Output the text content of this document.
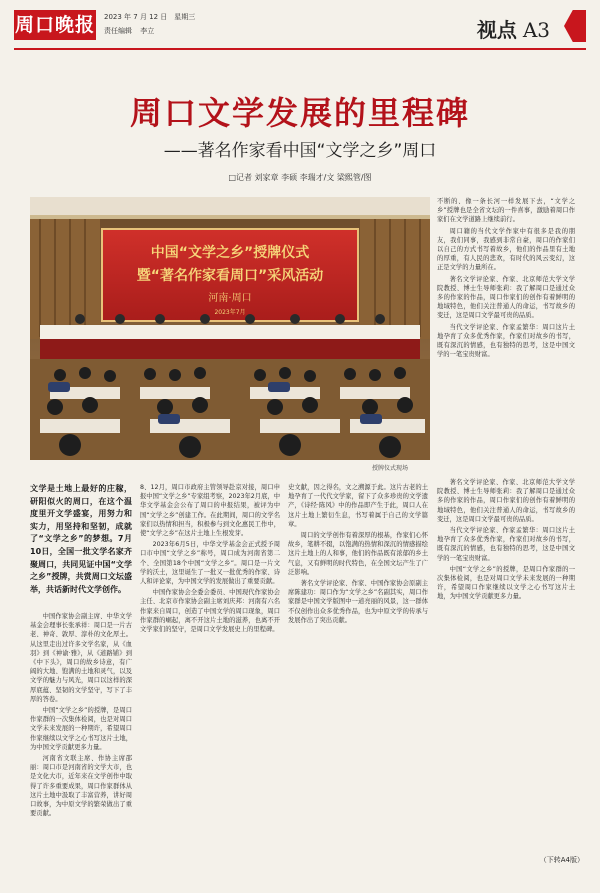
周口晚报 2023 年 7 月 12 日　星期三
责任编辑 李立	视点 A3
周口文学发展的里程碑
——著名作家看中国“文学之乡”周口
□记者 刘家章 李硕 李瑞才/文 梁熙管/图
中国“文学之乡”授牌仪式
暨“著名作家看周口”采风活动
河南·周口
2023年7月
授牌仪式现场

不断的、像一条长河一样发展下去，“文学之乡”授牌也是全省文坛的一件喜事，激励着周口作家们在文学道路上继续前行。

周口籍的当代文学作家中有很多是我的朋友，我们同事，我感到非常自豪，周口的作家们以自己的方式书写着故乡，他们的作品里有土地的厚重，有人民的悲欢，有时代的风云变幻，这正是文学的力量所在。

著名文学评论家、作家、北京师范大学文学院教授、博士生导师张莉：我了解周口是通过众多的作家的作品，周口作家们的创作有着鲜明的地域特色，他们关注普通人的命运，书写故乡的变迁，这是周口文学最可贵的品质。

当代文学评论家、作家孟繁华：周口这片土地孕育了众多优秀作家，作家们对故乡的书写，既有深沉的情感，也有独特的思考，这是中国文学的一笔宝贵财富。

文学是土地上最好的庄稼，研阳似火的周口，在这个温度里开文学盛宴，用努力和实力，用坚持和坚韧，成就了“文学之乡”的梦想。7月10日，全国一批文学名家齐聚周口，共同见证中国“文学之乡”授牌，共赏周口文坛盛举，共话新时代文学创作。

中国作家协会副主席、中华文学基金会理事长张承祥：周口是一片古老、神奇、敦厚、淳朴的文化厚土。从这里走出过许多文学名家，从《血羽》到《神谕·雅》，从《道路铺》到《中下头》，周口的故乡诗意，有广阔的大地、饱满的土地和灵气，以及文学的魅力与风光，周口以这样的深厚底蕴、坚韧的文学坚守，写下了丰厚的答卷。

中国“文学之乡”的授牌，是周口作家群的一次集体检阅，也是对周口文学未来发展的一种期许，希望周口作家继续以文学之心书写这片土地，为中国文学贡献更多力量。

河南省文联主席、作协主席邵丽：周口市是河南省的文学大市，也是文化大市，近年来在文学创作中取得了许多重要成果，周口作家群体从这片土地中汲取了丰富营养，讲好周口故事，为中原文学的繁荣做出了重要贡献。

8、12月，周口市政府主管领导赴京对接，周口申报中国“文学之乡”专家组考察，2023年2月底，中华文学基金会公布了周口的申报结果，被评为中国“文学之乡”创建工作。在此期间，周口的文学名家们以热情和担当，积极参与到文化惠民工作中，使“文学之乡”在这片土地上生根发芽。

2023年6月5日，中华文学基金会正式授予周口市中国“文学之乡”称号，周口成为河南省第二个、全国第18个中国“文学之乡”。周口是一片文学的沃土，这里诞生了一批又一批优秀的作家、诗人和评论家，为中国文学的发展做出了重要贡献。

中国作家协会全委会委员、中国现代作家协会主任、北京市作家协会副主席刘庆邦：河南有六名作家来自周口，创造了中国文学的周口现象，周口作家群的崛起，离不开这片土地的滋养，也离不开文学家们的坚守，是周口文学发展史上的里程碑。

史文献，因之得名，文之溯源于此。这片古老的土地孕育了一代代文学家，留下了众多珍贵的文学遗产，《诗经·陈风》中的作品即产生于此，周口人在这片土地上繁衍生息，书写着属于自己的文学篇章。

周口的文学创作有着深厚的根基，作家们心怀故乡，笔耕不辍，以饱满的热情和深沉的情感描绘这片土地上的人和事，他们的作品既有浓郁的乡土气息，又有鲜明的时代特色，在全国文坛产生了广泛影响。

著名文学评论家、作家、中国作家协会原副主席陈建功：周口作为“文学之乡”名副其实，周口作家群是中国文学版图中一道亮丽的风景，这一群体不仅创作出众多优秀作品，也为中原文学的传承与发展作出了突出贡献。

著名文学评论家、作家、北京师范大学文学院教授、博士生导师张莉：我了解周口是通过众多的作家的作品，周口作家们的创作有着鲜明的地域特色，他们关注普通人的命运，书写故乡的变迁，这是周口文学最可贵的品质。

当代文学评论家、作家孟繁华：周口这片土地孕育了众多优秀作家，作家们对故乡的书写，既有深沉的情感，也有独特的思考，这是中国文学的一笔宝贵财富。

中国“文学之乡”的授牌，是周口作家群的一次集体检阅，也是对周口文学未来发展的一种期许，希望周口作家继续以文学之心书写这片土地，为中国文学贡献更多力量。

（下转A4版）
